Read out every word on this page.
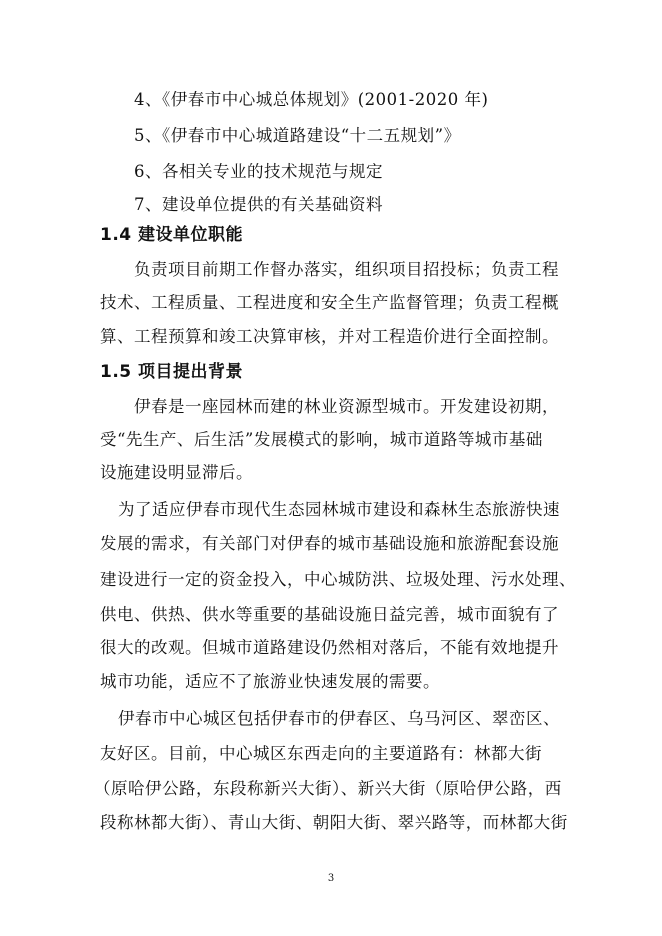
4、《伊春市中心城总体规划》(2001-2020 年)
5、《伊春市中心城道路建设“十二五规划”》
6、各相关专业的技术规范与规定
7、建设单位提供的有关基础资料
1.4 建设单位职能
负责项目前期工作督办落实，组织项目招投标；负责工程
技术、工程质量、工程进度和安全生产监督管理；负责工程概
算、工程预算和竣工决算审核，并对工程造价进行全面控制。
1.5 项目提出背景
伊春是一座园林而建的林业资源型城市。开发建设初期，
受“先生产、后生活”发展模式的影响，城市道路等城市基础
设施建设明显滞后。
为了适应伊春市现代生态园林城市建设和森林生态旅游快速
发展的需求，有关部门对伊春的城市基础设施和旅游配套设施
建设进行一定的资金投入，中心城防洪、垃圾处理、污水处理、
供电、供热、供水等重要的基础设施日益完善，城市面貌有了
很大的改观。但城市道路建设仍然相对落后，不能有效地提升
城市功能，适应不了旅游业快速发展的需要。
伊春市中心城区包括伊春市的伊春区、乌马河区、翠峦区、
友好区。目前，中心城区东西走向的主要道路有：林都大街
（原哈伊公路，东段称新兴大街）、新兴大街（原哈伊公路，西
段称林都大街）、青山大街、朝阳大街、翠兴路等，而林都大街
3
